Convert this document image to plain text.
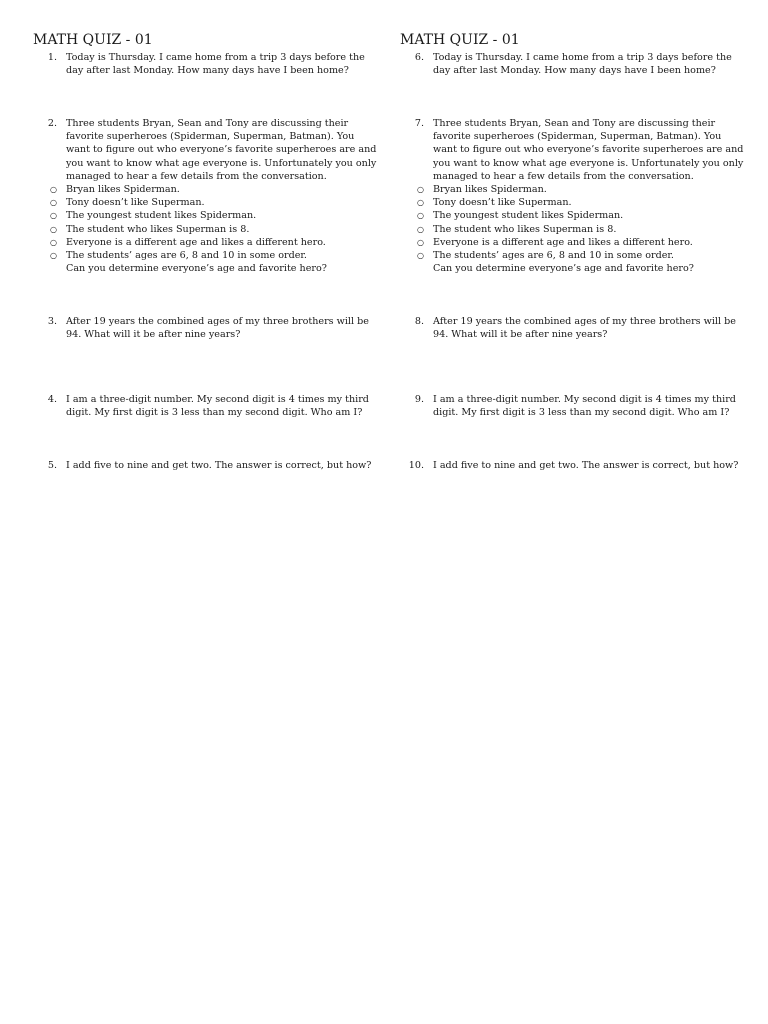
MATH QUIZ - 01
1. Today is Thursday. I came home from a trip 3 days before the day after last Monday. How many days have I been home?

2. Three students Bryan, Sean and Tony are discussing their favorite superheroes (Spiderman, Superman, Batman). You want to figure out who everyone’s favorite superheroes are and you want to know what age everyone is. Unfortunately you only managed to hear a few details from the conversation.

○ Bryan likes Spiderman.
○ Tony doesn’t like Superman.
○ The youngest student likes Spiderman.
○ The student who likes Superman is 8.
○ Everyone is a different age and likes a different hero.
○ The students’ ages are 6, 8 and 10 in some order.

Can you determine everyone’s age and favorite hero?

3. After 19 years the combined ages of my three brothers will be 94. What will it be after nine years?

4. I am a three-digit number. My second digit is 4 times my third digit. My first digit is 3 less than my second digit. Who am I?

5. I add five to nine and get two. The answer is correct, but how?

MATH QUIZ - 01
6. Today is Thursday. I came home from a trip 3 days before the day after last Monday. How many days have I been home?

7. Three students Bryan, Sean and Tony are discussing their favorite superheroes (Spiderman, Superman, Batman). You want to figure out who everyone’s favorite superheroes are and you want to know what age everyone is. Unfortunately you only managed to hear a few details from the conversation.

○ Bryan likes Spiderman.
○ Tony doesn’t like Superman.
○ The youngest student likes Spiderman.
○ The student who likes Superman is 8.
○ Everyone is a different age and likes a different hero.
○ The students’ ages are 6, 8 and 10 in some order.

Can you determine everyone’s age and favorite hero?

8. After 19 years the combined ages of my three brothers will be 94. What will it be after nine years?

9. I am a three-digit number. My second digit is 4 times my third digit. My first digit is 3 less than my second digit. Who am I?

10. I add five to nine and get two. The answer is correct, but how?
